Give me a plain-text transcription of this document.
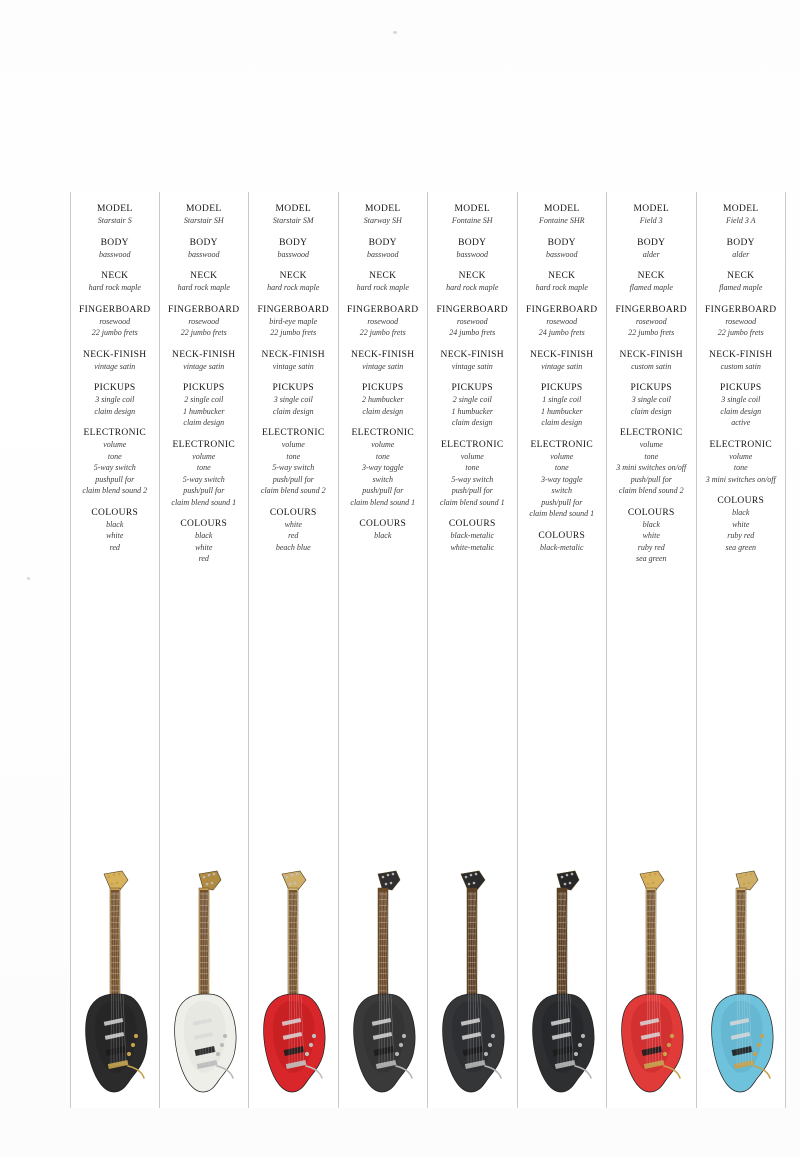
MODEL
Starstair S
BODY
basswood
NECK
hard rock maple
FINGERBOARD
rosewood
22 jumbo frets
NECK-FINISH
vintage satin
PICKUPS
3 single coil
claim design
ELECTRONIC
volume
tone
5-way switch
pushpull for
claim blend sound 2
COLOURS
black
white
red
MODEL
Starstair SH
BODY
basswood
NECK
hard rock maple
FINGERBOARD
rosewood
22 jumbo frets
NECK-FINISH
vintage satin
PICKUPS
2 single coil
1 humbucker
claim design
ELECTRONIC
volume
tone
5-way switch
push/pull for
claim blend sound 1
COLOURS
black
white
red
MODEL
Starstair SM
BODY
basswood
NECK
hard rock maple
FINGERBOARD
bird-eye maple
22 jumbo frets
NECK-FINISH
vintage satin
PICKUPS
3 single coil
claim design
ELECTRONIC
volume
tone
5-way switch
push/pull for
claim blend sound 2
COLOURS
white
red
beach blue
MODEL
Starway SH
BODY
basswood
NECK
hard rock maple
FINGERBOARD
rosewood
22 jumbo frets
NECK-FINISH
vintage satin
PICKUPS
2 humbucker
claim design
ELECTRONIC
volume
tone
3-way toggle
switch
push/pull for
claim blend sound 1
COLOURS
black
MODEL
Fontaine SH
BODY
basswood
NECK
hard rock maple
FINGERBOARD
rosewood
24 jumbo frets
NECK-FINISH
vintage satin
PICKUPS
2 single coil
1 humbucker
claim design
ELECTRONIC
volume
tone
5-way switch
push/pull for
claim blend sound 1
COLOURS
black-metalic
white-metalic
MODEL
Fontaine SHR
BODY
basswood
NECK
hard rock maple
FINGERBOARD
rosewood
24 jumbo frets
NECK-FINISH
vintage satin
PICKUPS
1 single coil
1 humbucker
claim design
ELECTRONIC
volume
tone
3-way toggle
switch
push/pull for
claim blend sound 1
COLOURS
black-metalic
MODEL
Field 3
BODY
alder
NECK
flamed maple
FINGERBOARD
rosewood
22 jumbo frets
NECK-FINISH
custom satin
PICKUPS
3 single coil
claim design
ELECTRONIC
volume
tone
3 mini switches on/off
push/pull for
claim blend sound 2
COLOURS
black
white
ruby red
sea green
MODEL
Field 3 A
BODY
alder
NECK
flamed maple
FINGERBOARD
rosewood
22 jumbo frets
NECK-FINISH
custom satin
PICKUPS
3 single coil
claim design
active
ELECTRONIC
volume
tone
3 mini switches on/off
COLOURS
black
white
ruby red
sea green
